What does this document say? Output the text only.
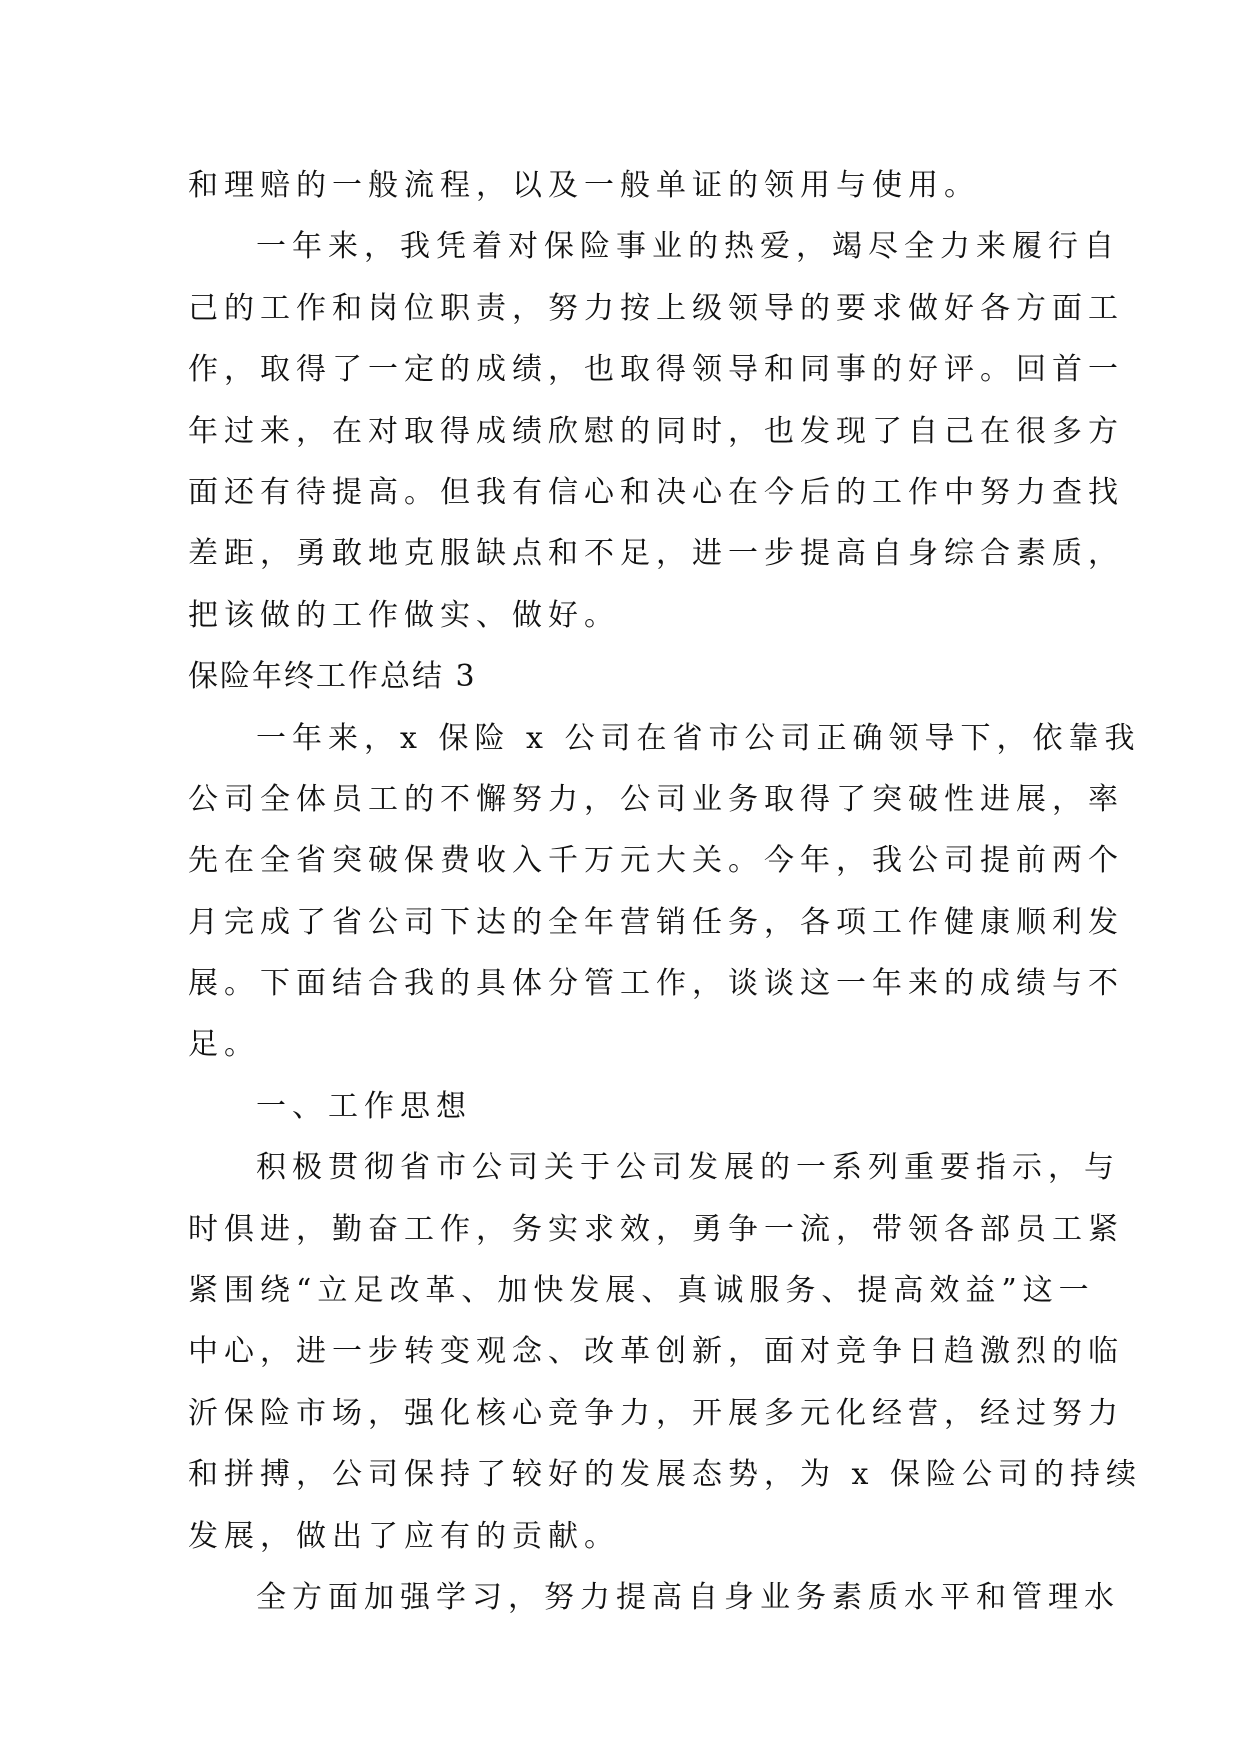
和理赔的一般流程，以及一般单证的领用与使用。
一年来，我凭着对保险事业的热爱，竭尽全力来履行自
己的工作和岗位职责，努力按上级领导的要求做好各方面工
作，取得了一定的成绩，也取得领导和同事的好评。回首一
年过来，在对取得成绩欣慰的同时，也发现了自己在很多方
面还有待提高。但我有信心和决心在今后的工作中努力查找
差距，勇敢地克服缺点和不足，进一步提高自身综合素质，
把该做的工作做实、做好。
保险年终工作总结 3
一年来，x 保险 x 公司在省市公司正确领导下，依靠我
公司全体员工的不懈努力，公司业务取得了突破性进展，率
先在全省突破保费收入千万元大关。今年，我公司提前两个
月完成了省公司下达的全年营销任务，各项工作健康顺利发
展。下面结合我的具体分管工作，谈谈这一年来的成绩与不
足。
一、工作思想
积极贯彻省市公司关于公司发展的一系列重要指示，与
时俱进，勤奋工作，务实求效，勇争一流，带领各部员工紧
紧围绕“立足改革、加快发展、真诚服务、提高效益”这一
中心，进一步转变观念、改革创新，面对竞争日趋激烈的临
沂保险市场，强化核心竞争力，开展多元化经营，经过努力
和拼搏，公司保持了较好的发展态势，为 x 保险公司的持续
发展，做出了应有的贡献。
全方面加强学习，努力提高自身业务素质水平和管理水
